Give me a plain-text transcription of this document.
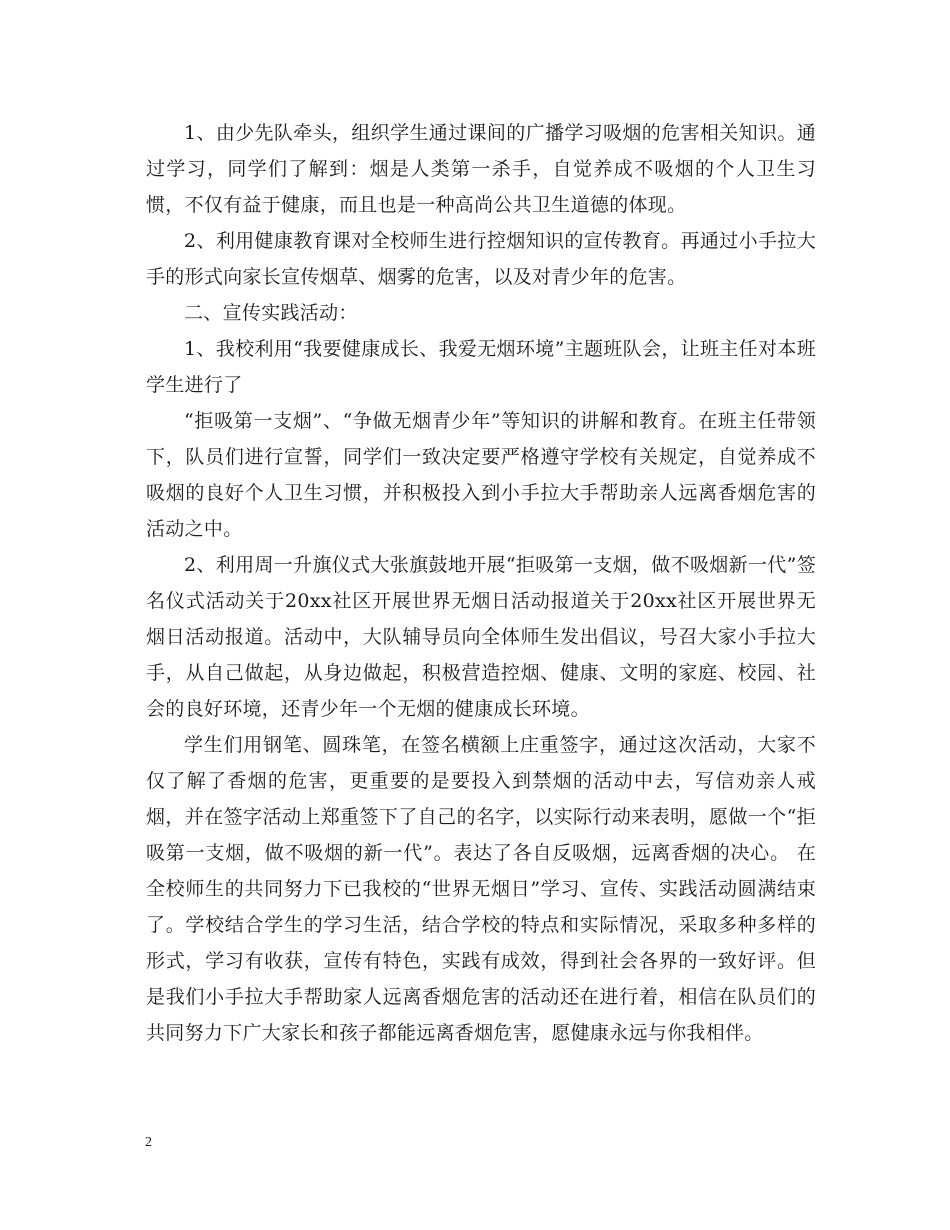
1、由少先队牵头，组织学生通过课间的广播学习吸烟的危害相关知识。通过学习，同学们了解到：烟是人类第一杀手，自觉养成不吸烟的个人卫生习惯，不仅有益于健康，而且也是一种高尚公共卫生道德的体现。

2、利用健康教育课对全校师生进行控烟知识的宣传教育。再通过小手拉大手的形式向家长宣传烟草、烟雾的危害，以及对青少年的危害。

二、宣传实践活动：

1、我校利用“我要健康成长、我爱无烟环境”主题班队会，让班主任对本班学生进行了

“拒吸第一支烟”、“争做无烟青少年”等知识的讲解和教育。在班主任带领下，队员们进行宣誓，同学们一致决定要严格遵守学校有关规定，自觉养成不吸烟的良好个人卫生习惯，并积极投入到小手拉大手帮助亲人远离香烟危害的活动之中。

2、利用周一升旗仪式大张旗鼓地开展“拒吸第一支烟，做不吸烟新一代”签名仪式活动关于20xx社区开展世界无烟日活动报道关于20xx社区开展世界无烟日活动报道。活动中，大队辅导员向全体师生发出倡议，号召大家小手拉大手，从自己做起，从身边做起，积极营造控烟、健康、文明的家庭、校园、社会的良好环境，还青少年一个无烟的健康成长环境。

学生们用钢笔、圆珠笔，在签名横额上庄重签字，通过这次活动，大家不仅了解了香烟的危害，更重要的是要投入到禁烟的活动中去，写信劝亲人戒烟，并在签字活动上郑重签下了自己的名字，以实际行动来表明，愿做一个“拒吸第一支烟，做不吸烟的新一代”。表达了各自反吸烟，远离香烟的决心。 在全校师生的共同努力下已我校的“世界无烟日”学习、宣传、实践活动圆满结束了。学校结合学生的学习生活，结合学校的特点和实际情况，采取多种多样的形式，学习有收获，宣传有特色，实践有成效，得到社会各界的一致好评。但是我们小手拉大手帮助家人远离香烟危害的活动还在进行着，相信在队员们的共同努力下广大家长和孩子都能远离香烟危害，愿健康永远与你我相伴。

2
